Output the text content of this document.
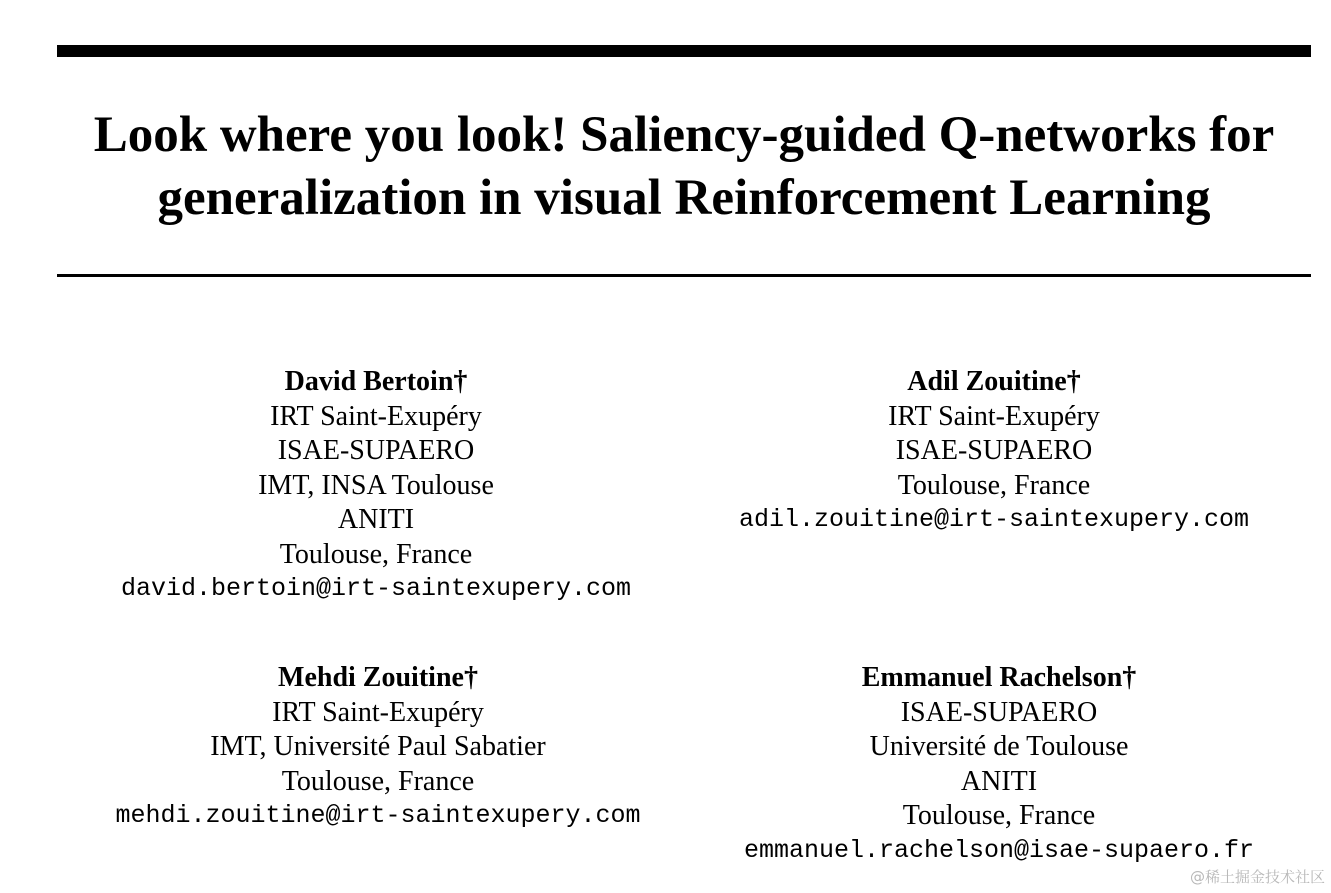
Look where you look! Saliency-guided Q-networks for
generalization in visual Reinforcement Learning
David Bertoin†
IRT Saint-Exupéry
ISAE-SUPAERO
IMT, INSA Toulouse
ANITI
Toulouse, France
david.bertoin@irt-saintexupery.com
Adil Zouitine†
IRT Saint-Exupéry
ISAE-SUPAERO
Toulouse, France
adil.zouitine@irt-saintexupery.com
Mehdi Zouitine†
IRT Saint-Exupéry
IMT, Université Paul Sabatier
Toulouse, France
mehdi.zouitine@irt-saintexupery.com
Emmanuel Rachelson†
ISAE-SUPAERO
Université de Toulouse
ANITI
Toulouse, France
emmanuel.rachelson@isae-supaero.fr
@稀土掘金技术社区
